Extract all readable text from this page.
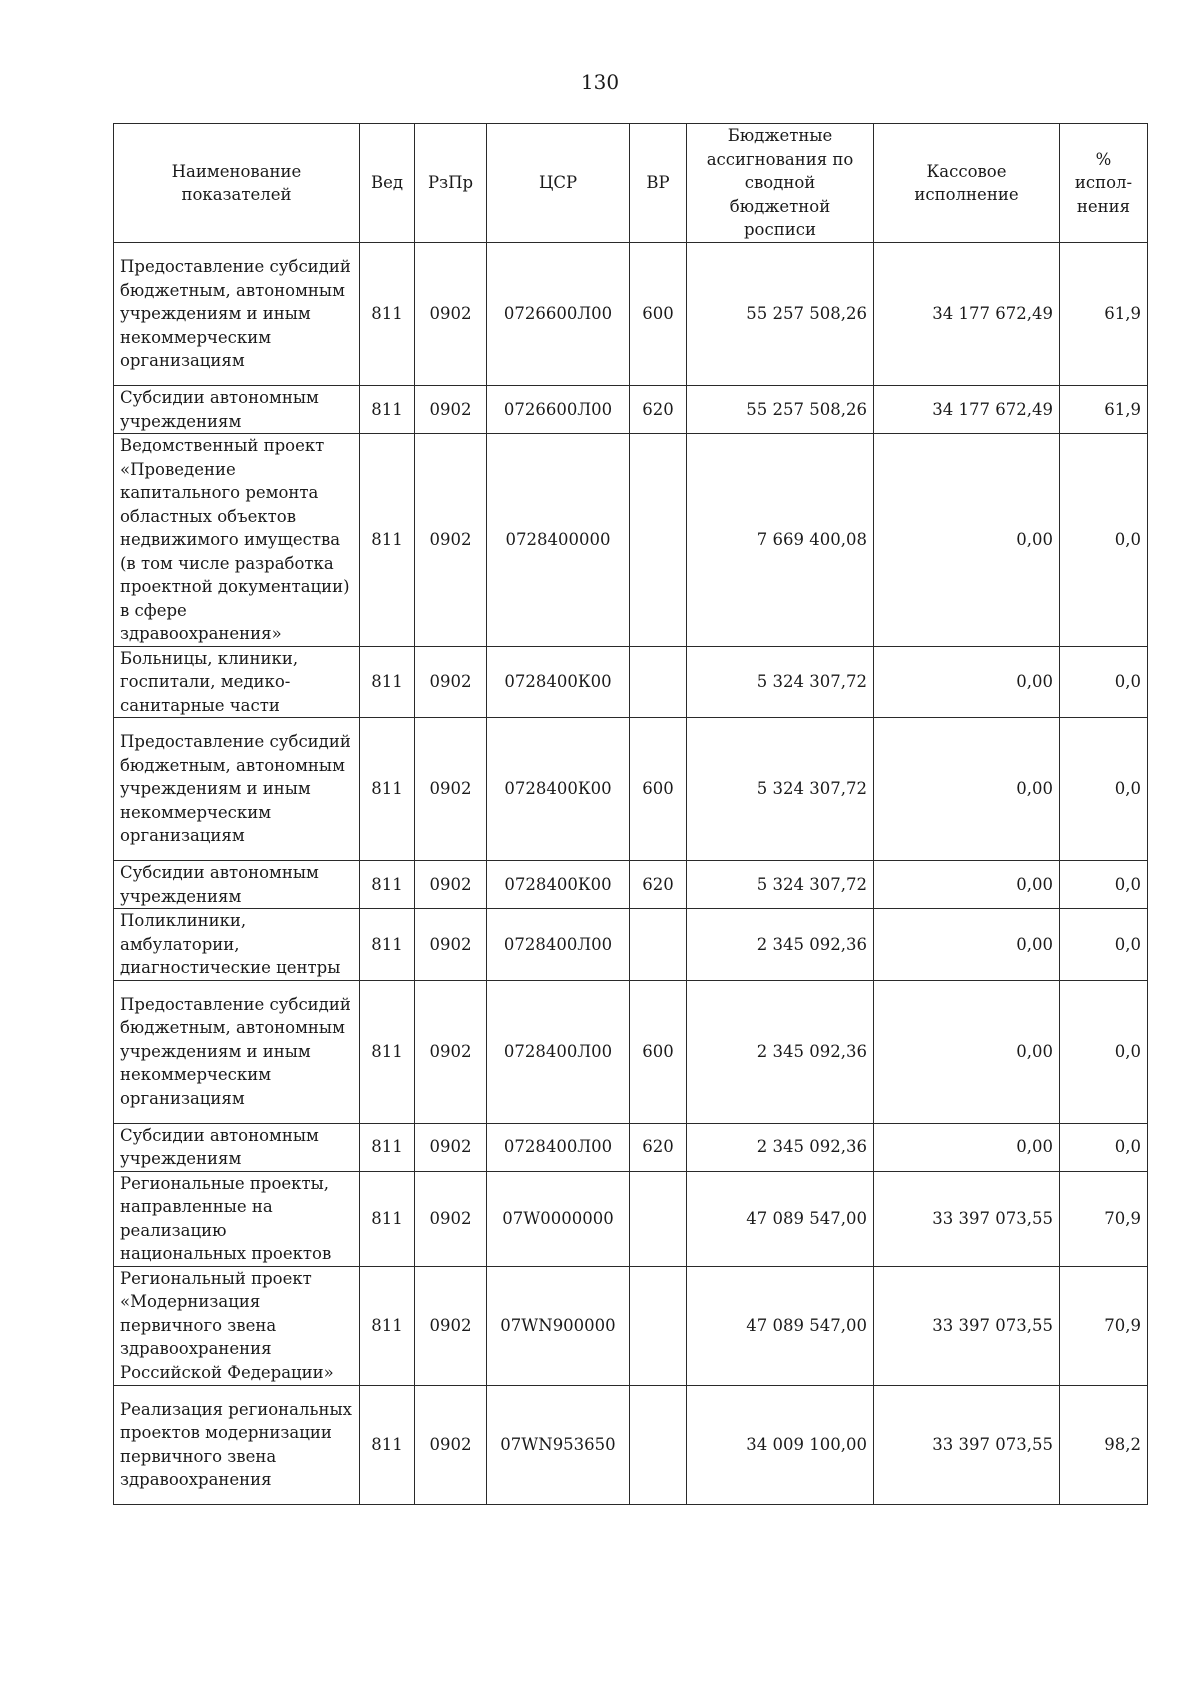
130
Наименование показателей	Вед	РзПр	ЦСР	ВР	Бюджетные ассигнования по сводной бюджетной росписи	Кассовое исполнение	% испол-нения
Предоставление субсидий бюджетным, автономным учреждениям и иным некоммерческим организациям	811	0902	0726600Л00	600	55 257 508,26	34 177 672,49	61,9
Субсидии автономным учреждениям	811	0902	0726600Л00	620	55 257 508,26	34 177 672,49	61,9
Ведомственный проект «Проведение капитального ремонта областных объектов недвижимого имущества (в том числе разработка проектной документации) в сфере здравоохранения»	811	0902	0728400000		7 669 400,08	0,00	0,0
Больницы, клиники, госпитали, медико-санитарные части	811	0902	0728400К00		5 324 307,72	0,00	0,0
Предоставление субсидий бюджетным, автономным учреждениям и иным некоммерческим организациям	811	0902	0728400К00	600	5 324 307,72	0,00	0,0
Субсидии автономным учреждениям	811	0902	0728400К00	620	5 324 307,72	0,00	0,0
Поликлиники, амбулатории, диагностические центры	811	0902	0728400Л00		2 345 092,36	0,00	0,0
Предоставление субсидий бюджетным, автономным учреждениям и иным некоммерческим организациям	811	0902	0728400Л00	600	2 345 092,36	0,00	0,0
Субсидии автономным учреждениям	811	0902	0728400Л00	620	2 345 092,36	0,00	0,0
Региональные проекты, направленные на реализацию национальных проектов	811	0902	07W0000000		47 089 547,00	33 397 073,55	70,9
Региональный проект «Модернизация первичного звена здравоохранения Российской Федерации»	811	0902	07WN900000		47 089 547,00	33 397 073,55	70,9
Реализация региональных проектов модернизации первичного звена здравоохранения	811	0902	07WN953650		34 009 100,00	33 397 073,55	98,2
